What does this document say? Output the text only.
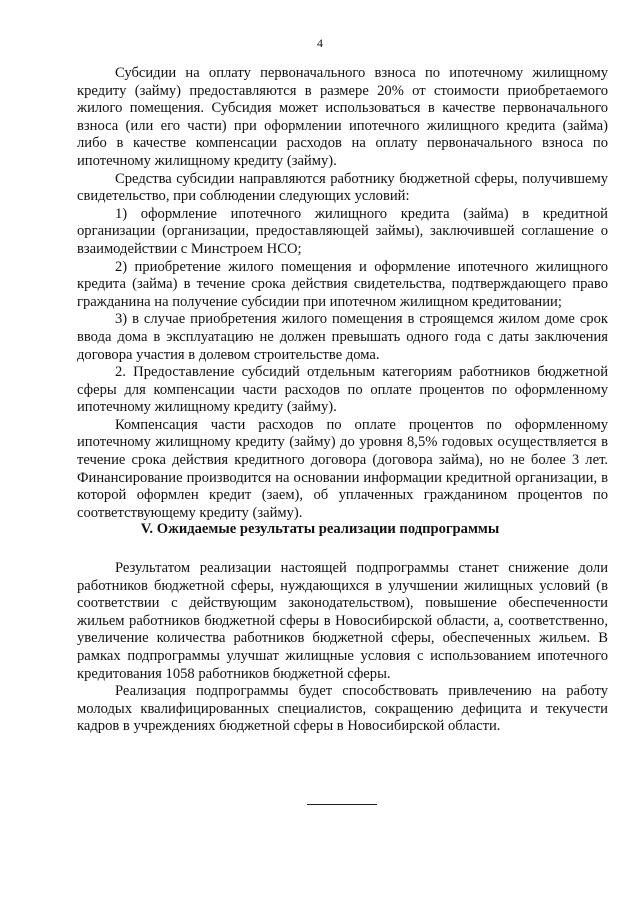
4

Субсидии на оплату первоначального взноса по ипотечному жилищному кредиту (займу) предоставляются в размере 20% от стоимости приобретаемого жилого помещения. Субсидия может использоваться в качестве первоначального взноса (или его части) при оформлении ипотечного жилищного кредита (займа) либо в качестве компенсации расходов на оплату первоначального взноса по ипотечному жилищному кредиту (займу).

Средства субсидии направляются работнику бюджетной сферы, получившему свидетельство, при соблюдении следующих условий:

1) оформление ипотечного жилищного кредита (займа) в кредитной организации (организации, предоставляющей займы), заключившей соглашение о взаимодействии с Минстроем НСО;

2) приобретение жилого помещения и оформление ипотечного жилищного кредита (займа) в течение срока действия свидетельства, подтверждающего право гражданина на получение субсидии при ипотечном жилищном кредитовании;

3) в случае приобретения жилого помещения в строящемся жилом доме срок ввода дома в эксплуатацию не должен превышать одного года с даты заключения договора участия в долевом строительстве дома.

2. Предоставление субсидий отдельным категориям работников бюджетной сферы для компенсации части расходов по оплате процентов по оформленному ипотечному жилищному кредиту (займу).

Компенсация части расходов по оплате процентов по оформленному ипотечному жилищному кредиту (займу) до уровня 8,5% годовых осуществляется в течение срока действия кредитного договора (договора займа), но не более 3 лет. Финансирование производится на основании информации кредитной организации, в которой оформлен кредит (заем), об уплаченных гражданином процентов по соответствующему кредиту (займу).

V. Ожидаемые результаты реализации подпрограммы

Результатом реализации настоящей подпрограммы станет снижение доли работников бюджетной сферы, нуждающихся в улучшении жилищных условий (в соответствии с действующим законодательством), повышение обеспеченности жильем работников бюджетной сферы в Новосибирской области, а, соответственно, увеличение количества работников бюджетной сферы, обеспеченных жильем. В рамках подпрограммы улучшат жилищные условия с использованием ипотечного кредитования 1058 работников бюджетной сферы.

Реализация подпрограммы будет способствовать привлечению на работу молодых квалифицированных специалистов, сокращению дефицита и текучести кадров в учреждениях бюджетной сферы в Новосибирской области.
